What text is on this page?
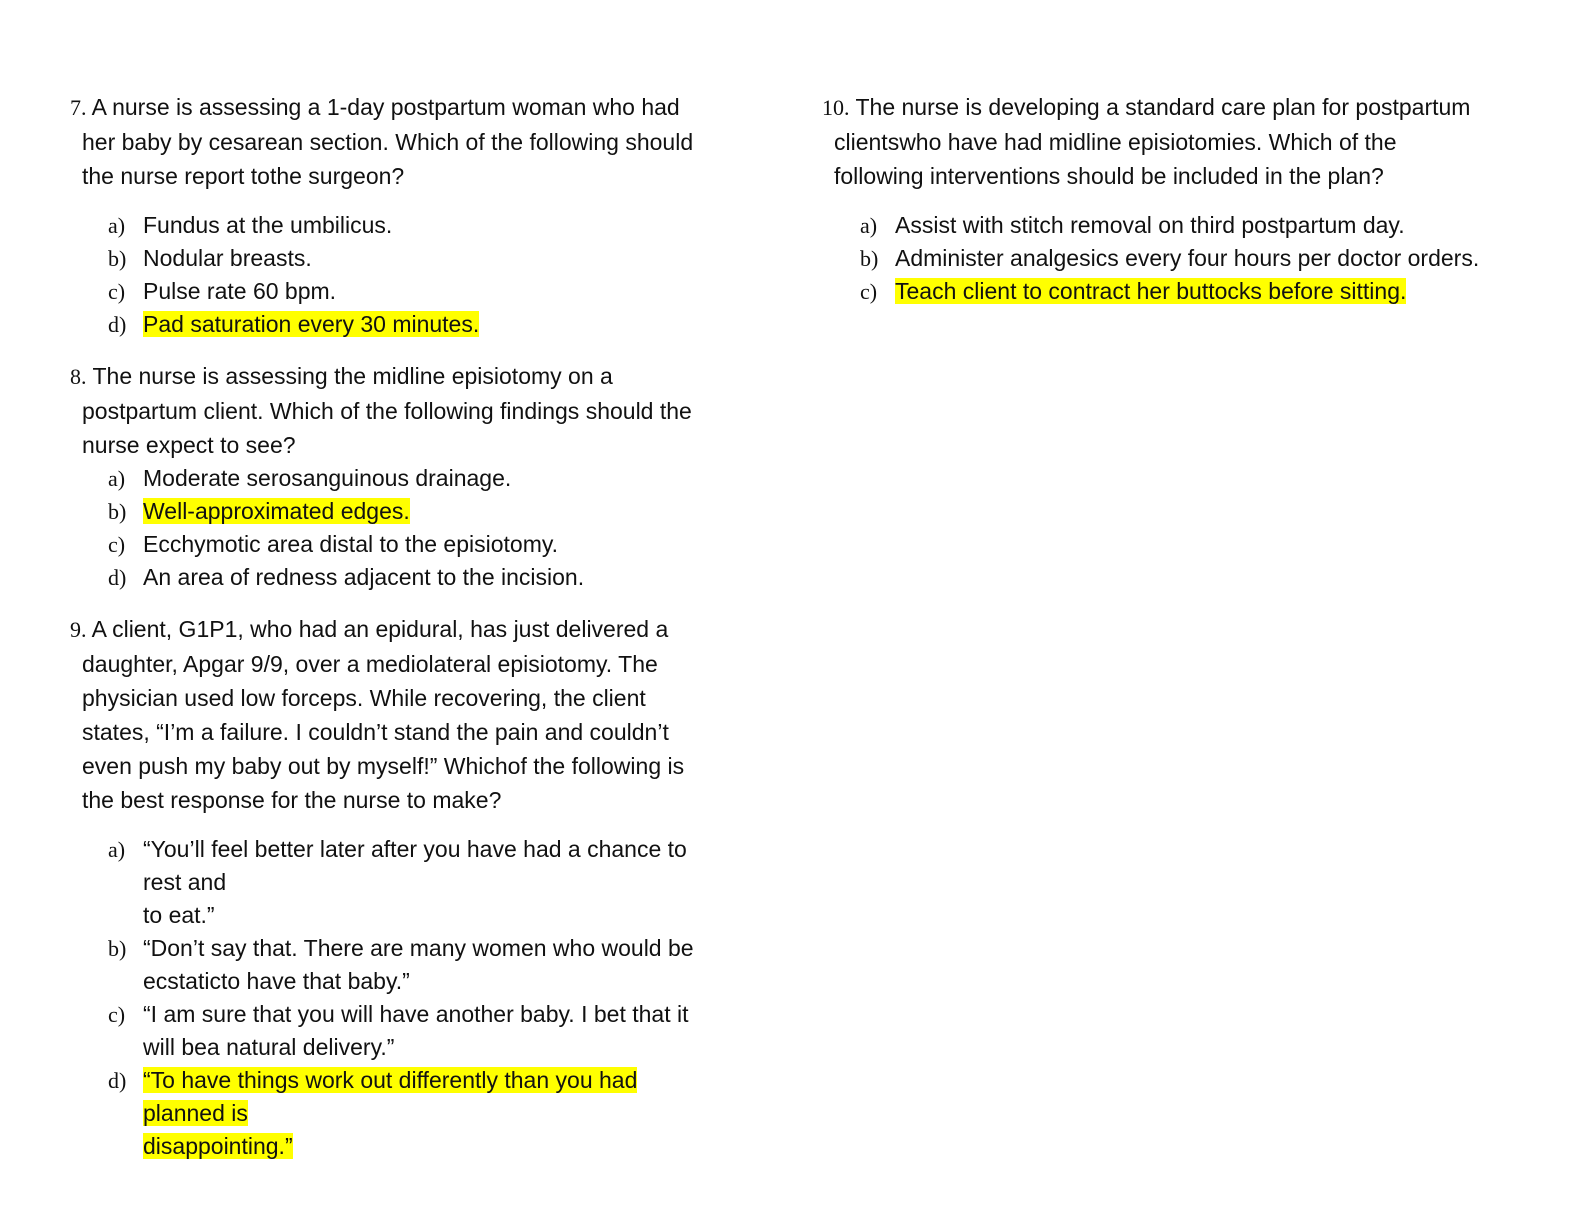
7. A nurse is assessing a 1-day postpartum woman who had
her baby by cesarean section. Which of the following should
the nurse report tothe surgeon?
a) Fundus at the umbilicus.
b) Nodular breasts.
c) Pulse rate 60 bpm.
d) Pad saturation every 30 minutes.
8. The nurse is assessing the midline episiotomy on a
postpartum client. Which of the following findings should the
nurse expect to see?
a) Moderate serosanguinous drainage.
b) Well-approximated edges.
c) Ecchymotic area distal to the episiotomy.
d) An area of redness adjacent to the incision.
9. A client, G1P1, who had an epidural, has just delivered a
daughter, Apgar 9/9, over a mediolateral episiotomy. The
physician used low forceps. While recovering, the client
states, “I’m a failure. I couldn’t stand the pain and couldn’t
even push my baby out by myself!” Whichof the following is
the best response for the nurse to make?
a) “You’ll feel better later after you have had a chance to
rest and
to eat.”
b) “Don’t say that. There are many women who would be
ecstaticto have that baby.”
c) “I am sure that you will have another baby. I bet that it
will bea natural delivery.”
d) “To have things work out differently than you had
planned is
disappointing.”
10. The nurse is developing a standard care plan for postpartum
clientswho have had midline episiotomies. Which of the
following interventions should be included in the plan?
a) Assist with stitch removal on third postpartum day.
b) Administer analgesics every four hours per doctor orders.
c) Teach client to contract her buttocks before sitting.
